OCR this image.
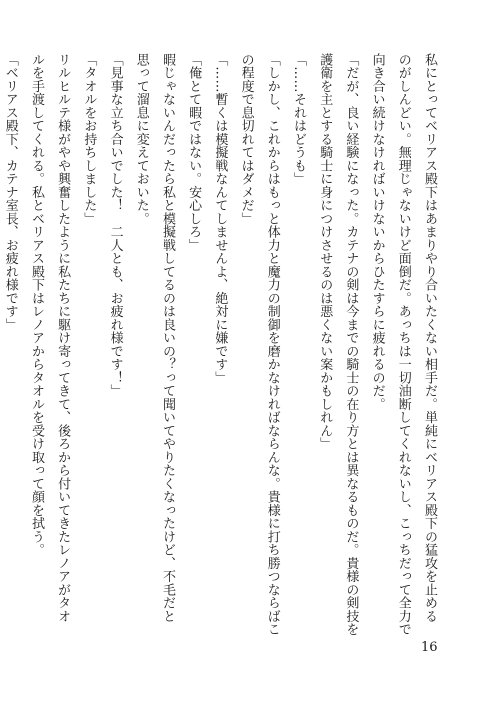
私にとってベリアス殿下はあまりやり合いたくない相手だ。単純にベリアス殿下の猛攻を止める
のがしんどい。無理じゃないけど面倒だ。あっちは一切油断してくれないし、こっちだって全力で
向き合い続けなければいけないからひたすらに疲れるのだ。
「だが、良い経験になった。カテナの剣は今までの騎士の在り方とは異なるものだ。貴様の剣技を
護衛を主とする騎士に身につけさせるのは悪くない案かもしれん」
「……それはどうも」
「しかし、これからはもっと体力と魔力の制御を磨かなければならんな。貴様に打ち勝つならばこ
の程度で息切れてはダメだ」
「……暫くは模擬戦なんてしませんよ、絶対に嫌です」
「俺とて暇ではない。安心しろ」
暇じゃないんだったら私と模擬戦してるのは良いの？って聞いてやりたくなったけど、不毛だと
思って溜息に変えておいた。
「見事な立ち合いでした！　二人とも、お疲れ様です！」
「タオルをお持ちしました」
リルヒルテ様がやや興奮したように私たちに駆け寄ってきて、後ろから付いてきたレノアがタオ
ルを手渡してくれる。私とベリアス殿下はレノアからタオルを受け取って顔を拭う。
「ベリアス殿下、カテナ室長、お疲れ様です」
16
